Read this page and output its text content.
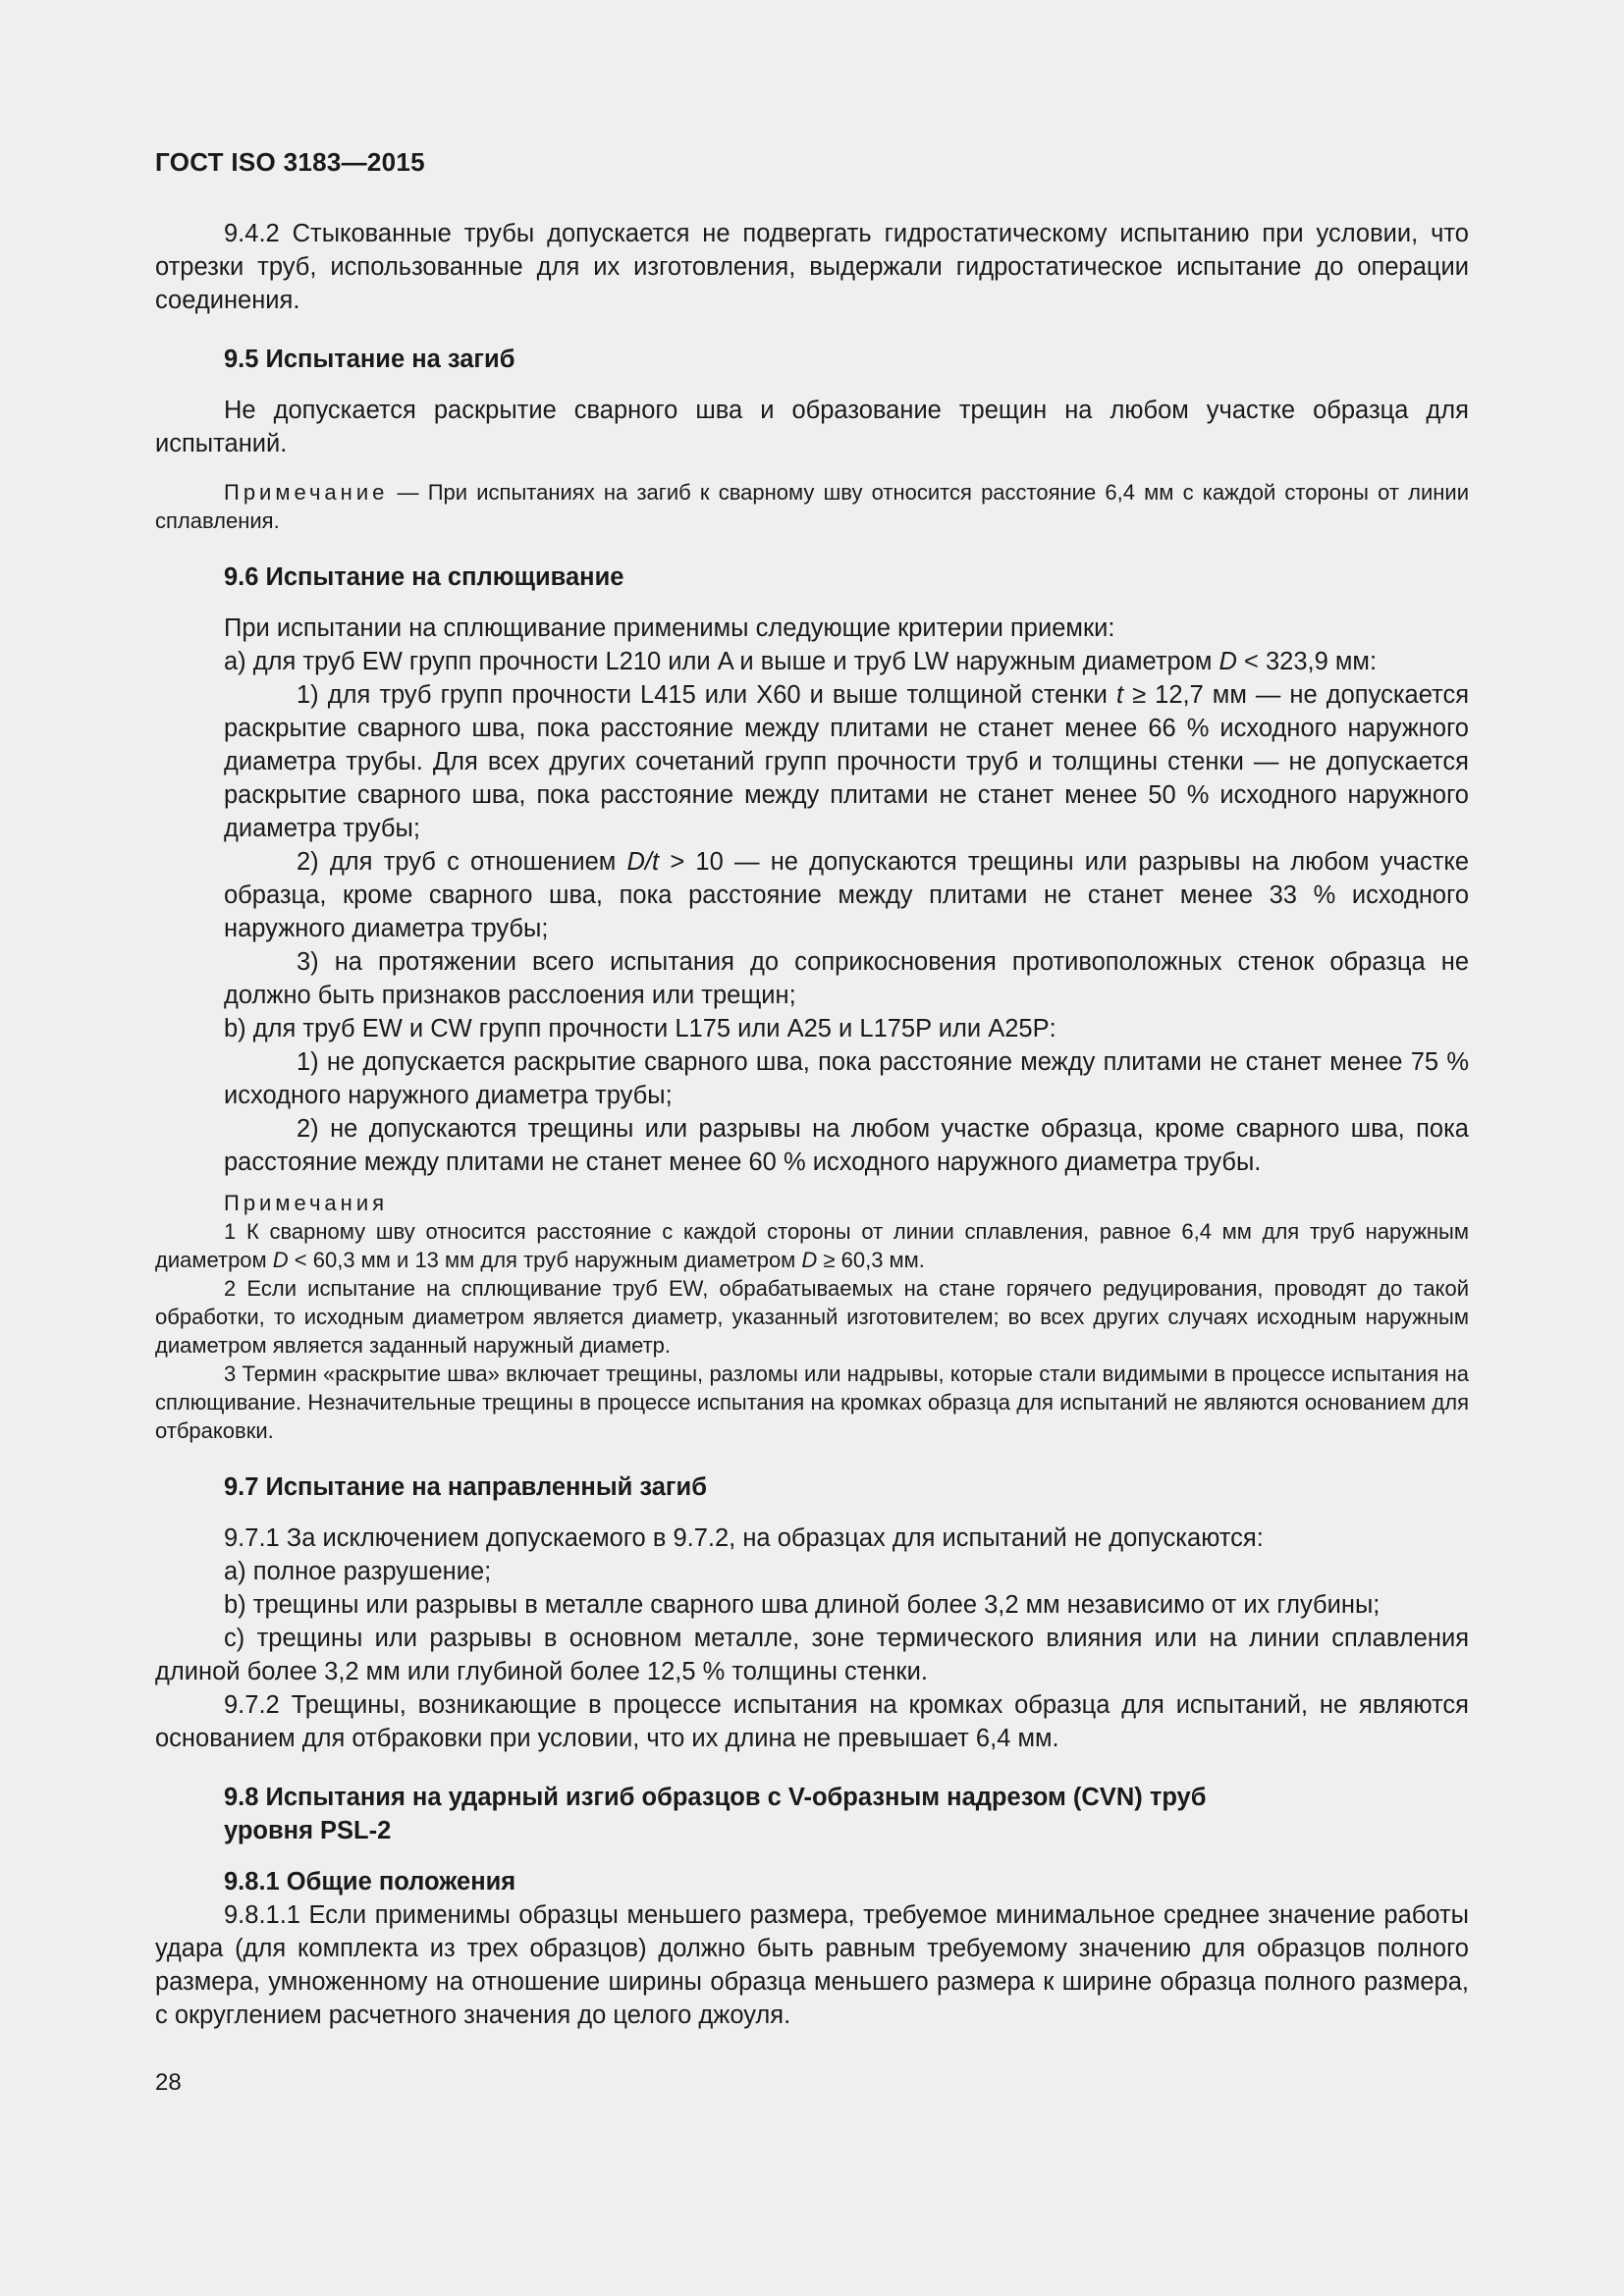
ГОСТ ISO 3183—2015

9.4.2 Стыкованные трубы допускается не подвергать гидростатическому испытанию при условии, что отрезки труб, использованные для их изготовления, выдержали гидростатическое испытание до операции соединения.

9.5 Испытание на загиб

Не допускается раскрытие сварного шва и образование трещин на любом участке образца для испытаний.

Примечание — При испытаниях на загиб к сварному шву относится расстояние 6,4 мм с каждой стороны от линии сплавления.
9.6 Испытание на сплющивание

При испытании на сплющивание применимы следующие критерии приемки:

a) для труб EW групп прочности L210 или A и выше и труб LW наружным диаметром D < 323,9 мм:

1) для труб групп прочности L415 или X60 и выше толщиной стенки t ≥ 12,7 мм — не допускается раскрытие сварного шва, пока расстояние между плитами не станет менее 66 % исходного наружного диаметра трубы. Для всех других сочетаний групп прочности труб и толщины стенки — не допускается раскрытие сварного шва, пока расстояние между плитами не станет менее 50 % исходного наружного диаметра трубы;

2) для труб с отношением D/t > 10 — не допускаются трещины или разрывы на любом участке образца, кроме сварного шва, пока расстояние между плитами не станет менее 33 % исходного наружного диаметра трубы;

3) на протяжении всего испытания до соприкосновения противоположных стенок образца не должно быть признаков расслоения или трещин;

b) для труб EW и CW групп прочности L175 или A25 и L175P или A25P:

1) не допускается раскрытие сварного шва, пока расстояние между плитами не станет менее 75 % исходного наружного диаметра трубы;

2) не допускаются трещины или разрывы на любом участке образца, кроме сварного шва, пока расстояние между плитами не станет менее 60 % исходного наружного диаметра трубы.

Примечания
1 К сварному шву относится расстояние с каждой стороны от линии сплавления, равное 6,4 мм для труб наружным диаметром D < 60,3 мм и 13 мм для труб наружным диаметром D ≥ 60,3 мм.
2 Если испытание на сплющивание труб EW, обрабатываемых на стане горячего редуцирования, проводят до такой обработки, то исходным диаметром является диаметр, указанный изготовителем; во всех других случаях исходным наружным диаметром является заданный наружный диаметр.
3 Термин «раскрытие шва» включает трещины, разломы или надрывы, которые стали видимыми в процессе испытания на сплющивание. Незначительные трещины в процессе испытания на кромках образца для испытаний не являются основанием для отбраковки.
9.7 Испытание на направленный загиб

9.7.1 За исключением допускаемого в 9.7.2, на образцах для испытаний не допускаются:

a) полное разрушение;

b) трещины или разрывы в металле сварного шва длиной более 3,2 мм независимо от их глубины;

c) трещины или разрывы в основном металле, зоне термического влияния или на линии сплавления длиной более 3,2 мм или глубиной более 12,5 % толщины стенки.

9.7.2 Трещины, возникающие в процессе испытания на кромках образца для испытаний, не являются основанием для отбраковки при условии, что их длина не превышает 6,4 мм.

9.8 Испытания на ударный изгиб образцов с V-образным надрезом (CVN) труб
уровня PSL-2
9.8.1 Общие положения

9.8.1.1 Если применимы образцы меньшего размера, требуемое минимальное среднее значение работы удара (для комплекта из трех образцов) должно быть равным требуемому значению для образцов полного размера, умноженному на отношение ширины образца меньшего размера к ширине образца полного размера, с округлением расчетного значения до целого джоуля.

28
